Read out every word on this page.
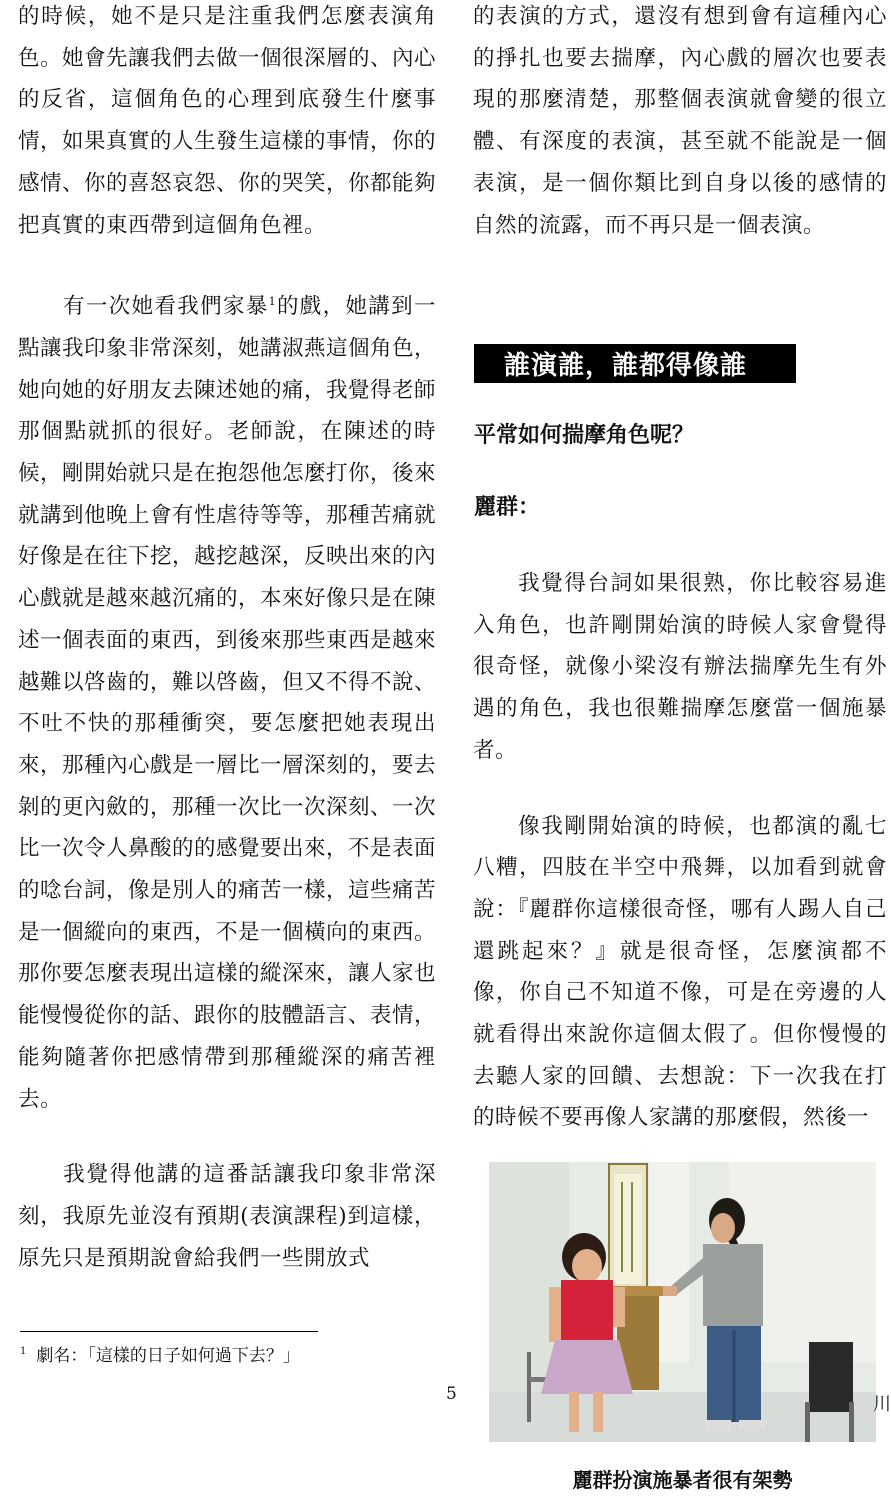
的時候，她不是只是注重我們怎麼表演角色。她會先讓我們去做一個很深層的、內心的反省，這個角色的心理到底發生什麼事情，如果真實的人生發生這樣的事情，你的感情、你的喜怒哀怨、你的哭笑，你都能夠把真實的東西帶到這個角色裡。

有一次她看我們家暴$^1$的戲，她講到一點讓我印象非常深刻，她講淑燕這個角色，她向她的好朋友去陳述她的痛，我覺得老師那個點就抓的很好。老師說，在陳述的時候，剛開始就只是在抱怨他怎麼打你，後來就講到他晚上會有性虐待等等，那種苦痛就好像是在往下挖，越挖越深，反映出來的內心戲就是越來越沉痛的，本來好像只是在陳述一個表面的東西，到後來那些東西是越來越難以啓齒的，難以啓齒，但又不得不說、不吐不快的那種衝突，要怎麼把她表現出來，那種內心戲是一層比一層深刻的，要去剝的更內斂的，那種一次比一次深刻、一次比一次令人鼻酸的的感覺要出來，不是表面的唸台詞，像是別人的痛苦一樣，這些痛苦是一個縱向的東西，不是一個橫向的東西。那你要怎麼表現出這樣的縱深來，讓人家也能慢慢從你的話、跟你的肢體語言、表情，能夠隨著你把感情帶到那種縱深的痛苦裡去。

我覺得他講的這番話讓我印象非常深刻，我原先並沒有預期(表演課程)到這樣，原先只是預期說會給我們一些開放式

的表演的方式，還沒有想到會有這種內心的掙扎也要去揣摩，內心戲的層次也要表現的那麼清楚，那整個表演就會變的很立體、有深度的表演，甚至就不能說是一個表演，是一個你類比到自身以後的感情的自然的流露，而不再只是一個表演。

誰演誰，誰都得像誰
平常如何揣摩角色呢？
麗群：

我覺得台詞如果很熟，你比較容易進入角色，也許剛開始演的時候人家會覺得很奇怪，就像小梁沒有辦法揣摩先生有外遇的角色，我也很難揣摩怎麼當一個施暴者。

像我剛開始演的時候，也都演的亂七八糟，四肢在半空中飛舞，以加看到就會說：『麗群你這樣很奇怪，哪有人踢人自己還跳起來？』就是很奇怪，怎麼演都不像，你自己不知道不像，可是在旁邊的人就看得出來說你這個太假了。但你慢慢的去聽人家的回饋、去想說：下一次我在打的時候不要再像人家講的那麼假，然後一

麗群扮演施暴者很有架勢
$^1$ 劇名：「這樣的日子如何過下去？」
5	川
